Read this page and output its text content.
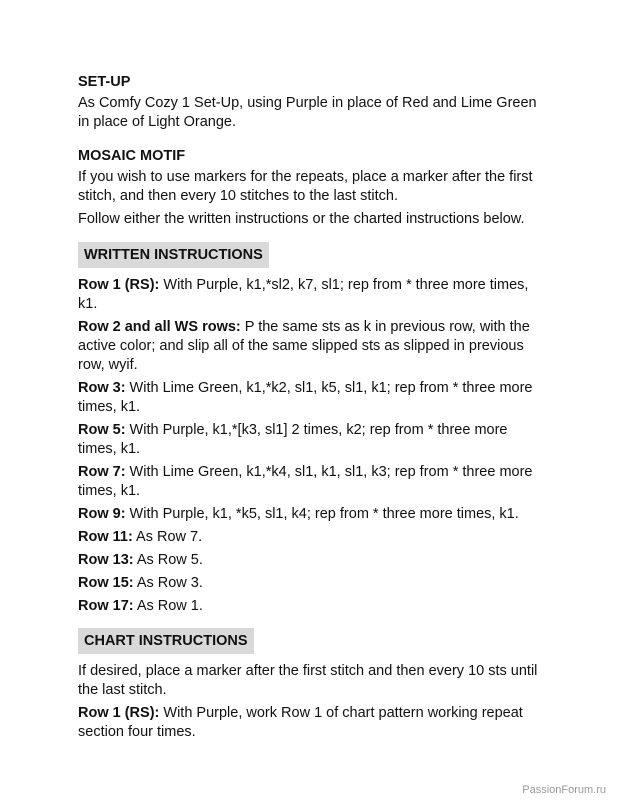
SET-UP
As Comfy Cozy 1 Set-Up, using Purple in place of Red and Lime Green in place of Light Orange.
MOSAIC MOTIF
If you wish to use markers for the repeats, place a marker after the first stitch, and then every 10 stitches to the last stitch.
Follow either the written instructions or the charted instructions below.
WRITTEN INSTRUCTIONS
Row 1 (RS): With Purple, k1,*sl2, k7, sl1; rep from * three more times, k1.
Row 2 and all WS rows: P the same sts as k in previous row, with the active color; and slip all of the same slipped sts as slipped in previous row, wyif.
Row 3: With Lime Green, k1,*k2, sl1, k5, sl1, k1; rep from * three more times, k1.
Row 5: With Purple, k1,*[k3, sl1] 2 times, k2; rep from * three more times, k1.
Row 7: With Lime Green, k1,*k4, sl1, k1, sl1, k3; rep from * three more times, k1.
Row 9: With Purple, k1, *k5, sl1, k4; rep from * three more times, k1.
Row 11: As Row 7.
Row 13: As Row 5.
Row 15: As Row 3.
Row 17: As Row 1.
CHART INSTRUCTIONS
If desired, place a marker after the first stitch and then every 10 sts until the last stitch.
Row 1 (RS): With Purple, work Row 1 of chart pattern working repeat section four times.
PassionForum.ru
